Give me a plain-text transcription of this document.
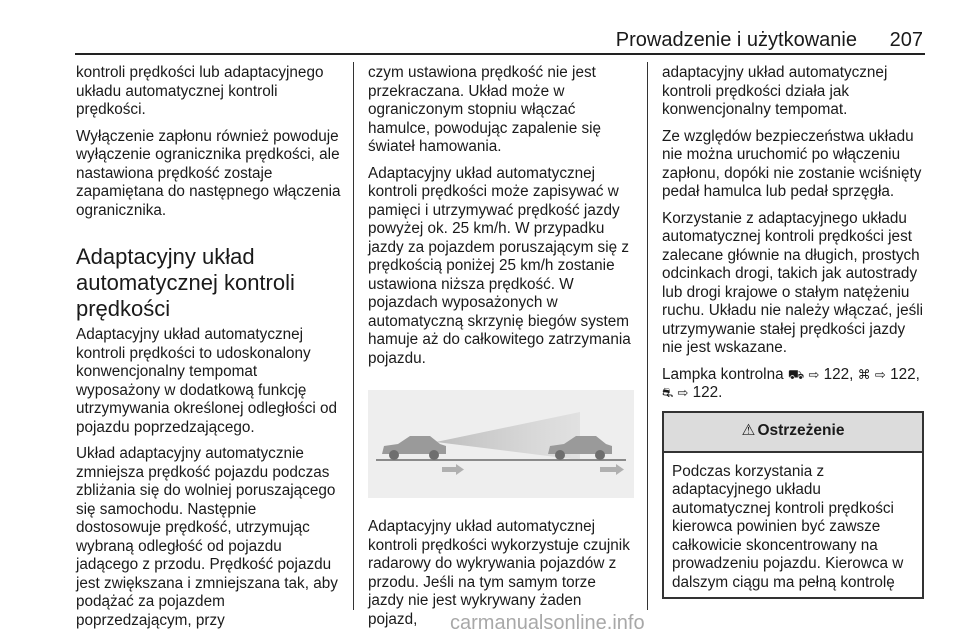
Prowadzenie i użytkowanie 207

kontroli prędkości lub adaptacyjnego układu automatycznej kontroli prędkości.

Wyłączenie zapłonu również powoduje wyłączenie ogranicznika prędkości, ale nastawiona prędkość zostaje zapamiętana do następnego włączenia ogranicznika.

Adaptacyjny układ automatycznej kontroli prędkości

Adaptacyjny układ automatycznej kontroli prędkości to udoskonalony konwencjonalny tempomat wyposażony w dodatkową funkcję utrzymywania określonej odległości od pojazdu poprzedzającego.

Układ adaptacyjny automatycznie zmniejsza prędkość pojazdu podczas zbliżania się do wolniej poruszającego się samochodu. Następnie dostosowuje prędkość, utrzymując wybraną odległość od pojazdu jadącego z przodu. Prędkość pojazdu jest zwiększana i zmniejszana tak, aby podążać za pojazdem poprzedzającym, przy

czym ustawiona prędkość nie jest przekraczana. Układ może w ograniczonym stopniu włączać hamulce, powodując zapalenie się świateł hamowania.

Adaptacyjny układ automatycznej kontroli prędkości może zapisywać w pamięci i utrzymywać prędkość jazdy powyżej ok. 25 km/h. W przypadku jazdy za pojazdem poruszającym się z prędkością poniżej 25 km/h zostanie ustawiona niższa prędkość. W pojazdach wyposażonych w automatyczną skrzynię biegów system hamuje aż do całkowitego zatrzymania pojazdu.

Adaptacyjny układ automatycznej kontroli prędkości wykorzystuje czujnik radarowy do wykrywania pojazdów z przodu. Jeśli na tym samym torze jazdy nie jest wykrywany żaden pojazd,

adaptacyjny układ automatycznej kontroli prędkości działa jak konwencjonalny tempomat.

Ze względów bezpieczeństwa układu nie można uruchomić po włączeniu zapłonu, dopóki nie zostanie wciśnięty pedał hamulca lub pedał sprzęgła.

Korzystanie z adaptacyjnego układu automatycznej kontroli prędkości jest zalecane głównie na długich, prostych odcinkach drogi, takich jak autostrady lub drogi krajowe o stałym natężeniu ruchu. Układu nie należy włączać, jeśli utrzymywanie stałej prędkości jazdy nie jest wskazane.

Lampka kontrolna ⛟ ⇨ 122, ⌘ ⇨ 122,
⛐ ⇨ 122.

⚠ Ostrzeżenie
Podczas korzystania z adaptacyjnego układu automatycznej kontroli prędkości kierowca powinien być zawsze całkowicie skoncentrowany na prowadzeniu pojazdu. Kierowca w dalszym ciągu ma pełną kontrolę
carmanualsonline.info
